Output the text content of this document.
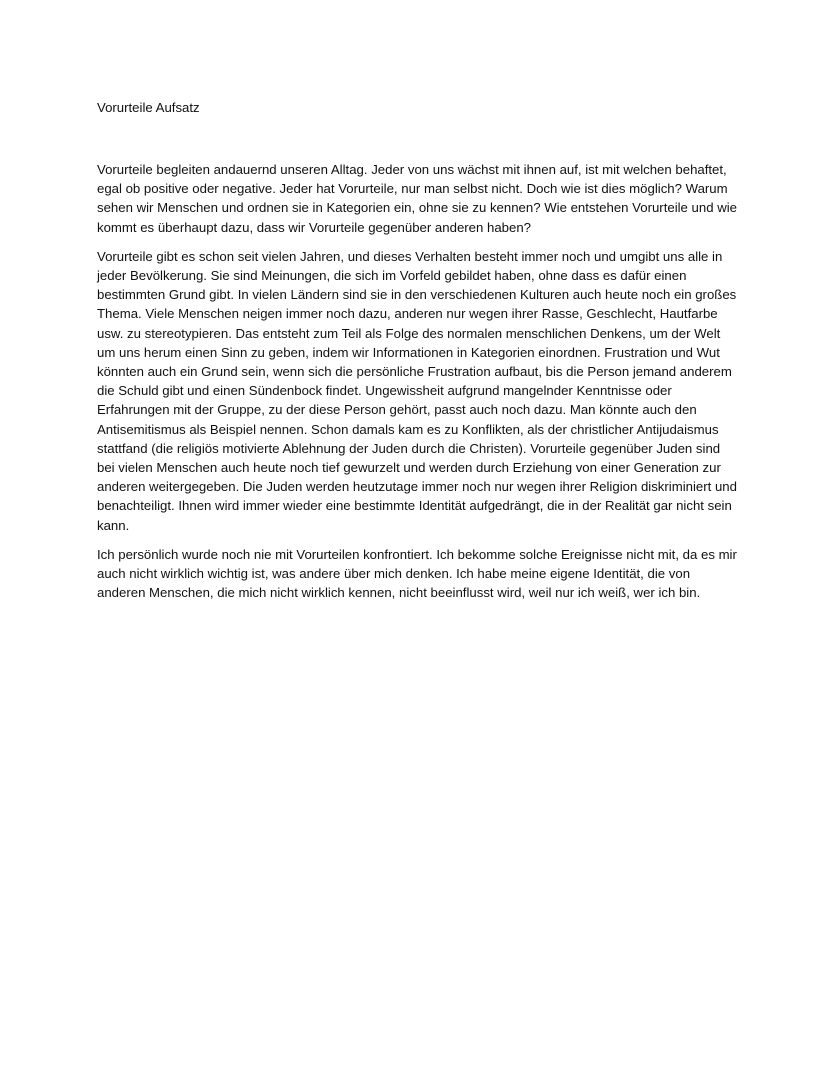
Vorurteile Aufsatz

Vorurteile begleiten andauernd unseren Alltag. Jeder von uns wächst mit ihnen auf, ist mit welchen behaftet, egal ob positive oder negative. Jeder hat Vorurteile, nur man selbst nicht. Doch wie ist dies möglich? Warum sehen wir Menschen und ordnen sie in Kategorien ein, ohne sie zu kennen? Wie entstehen Vorurteile und wie kommt es überhaupt dazu, dass wir Vorurteile gegenüber anderen haben?

Vorurteile gibt es schon seit vielen Jahren, und dieses Verhalten besteht immer noch und umgibt uns alle in jeder Bevölkerung. Sie sind Meinungen, die sich im Vorfeld gebildet haben, ohne dass es dafür einen bestimmten Grund gibt. In vielen Ländern sind sie in den verschiedenen Kulturen auch heute noch ein großes Thema. Viele Menschen neigen immer noch dazu, anderen nur wegen ihrer Rasse, Geschlecht, Hautfarbe usw. zu stereotypieren. Das entsteht zum Teil als Folge des normalen menschlichen Denkens, um der Welt um uns herum einen Sinn zu geben, indem wir Informationen in Kategorien einordnen. Frustration und Wut könnten auch ein Grund sein, wenn sich die persönliche Frustration aufbaut, bis die Person jemand anderem die Schuld gibt und einen Sündenbock findet. Ungewissheit aufgrund mangelnder Kenntnisse oder Erfahrungen mit der Gruppe, zu der diese Person gehört, passt auch noch dazu. Man könnte auch den Antisemitismus als Beispiel nennen. Schon damals kam es zu Konflikten, als der christlicher Antijudaismus stattfand (die religiös motivierte Ablehnung der Juden durch die Christen). Vorurteile gegenüber Juden sind bei vielen Menschen auch heute noch tief gewurzelt und werden durch Erziehung von einer Generation zur anderen weitergegeben. Die Juden werden heutzutage immer noch nur wegen ihrer Religion diskriminiert und benachteiligt. Ihnen wird immer wieder eine bestimmte Identität aufgedrängt, die in der Realität gar nicht sein kann.

Ich persönlich wurde noch nie mit Vorurteilen konfrontiert. Ich bekomme solche Ereignisse nicht mit, da es mir auch nicht wirklich wichtig ist, was andere über mich denken. Ich habe meine eigene Identität, die von anderen Menschen, die mich nicht wirklich kennen, nicht beeinflusst wird, weil nur ich weiß, wer ich bin.
